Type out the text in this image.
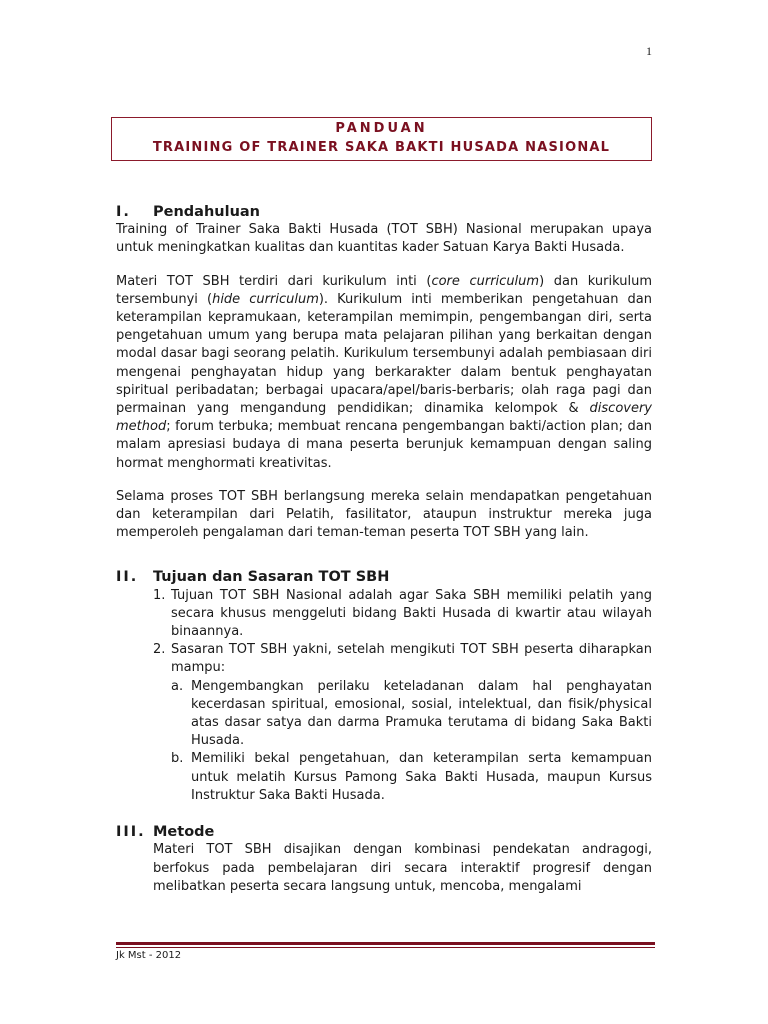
1
PANDUAN
TRAINING OF TRAINER SAKA BAKTI HUSADA NASIONAL
I. Pendahuluan

Training of Trainer Saka Bakti Husada (TOT SBH) Nasional merupakan upaya untuk meningkatkan kualitas dan kuantitas kader Satuan Karya Bakti Husada.

Materi TOT SBH terdiri dari kurikulum inti (core curriculum) dan kurikulum tersembunyi (hide curriculum). Kurikulum inti memberikan pengetahuan dan keterampilan kepramukaan, keterampilan memimpin, pengembangan diri, serta pengetahuan umum yang berupa mata pelajaran pilihan yang berkaitan dengan modal dasar bagi seorang pelatih. Kurikulum tersembunyi adalah pembiasaan diri mengenai penghayatan hidup yang berkarakter dalam bentuk penghayatan spiritual peribadatan; berbagai upacara/apel/baris-berbaris; olah raga pagi dan permainan yang mengandung pendidikan; dinamika kelompok & discovery method; forum terbuka; membuat rencana pengembangan bakti/action plan; dan malam apresiasi budaya di mana peserta berunjuk kemampuan dengan saling hormat menghormati kreativitas.

Selama proses TOT SBH berlangsung mereka selain mendapatkan pengetahuan dan keterampilan dari Pelatih, fasilitator, ataupun instruktur mereka juga memperoleh pengalaman dari teman-teman peserta TOT SBH yang lain.

II. Tujuan dan Sasaran TOT SBH
1. Tujuan TOT SBH Nasional adalah agar Saka SBH memiliki pelatih yang secara khusus menggeluti bidang Bakti Husada di kwartir atau wilayah binaannya.
2. Sasaran TOT SBH yakni, setelah mengikuti TOT SBH peserta diharapkan mampu:
a. Mengembangkan perilaku keteladanan dalam hal penghayatan kecerdasan spiritual, emosional, sosial, intelektual, dan fisik/physical atas dasar satya dan darma Pramuka terutama di bidang Saka Bakti Husada.
b. Memiliki bekal pengetahuan, dan keterampilan serta kemampuan untuk melatih Kursus Pamong Saka Bakti Husada, maupun Kursus Instruktur Saka Bakti Husada.
III. Metode

Materi TOT SBH disajikan dengan kombinasi pendekatan andragogi, berfokus pada pembelajaran diri secara interaktif progresif dengan melibatkan peserta secara langsung untuk, mencoba, mengalami

Jk Mst - 2012
